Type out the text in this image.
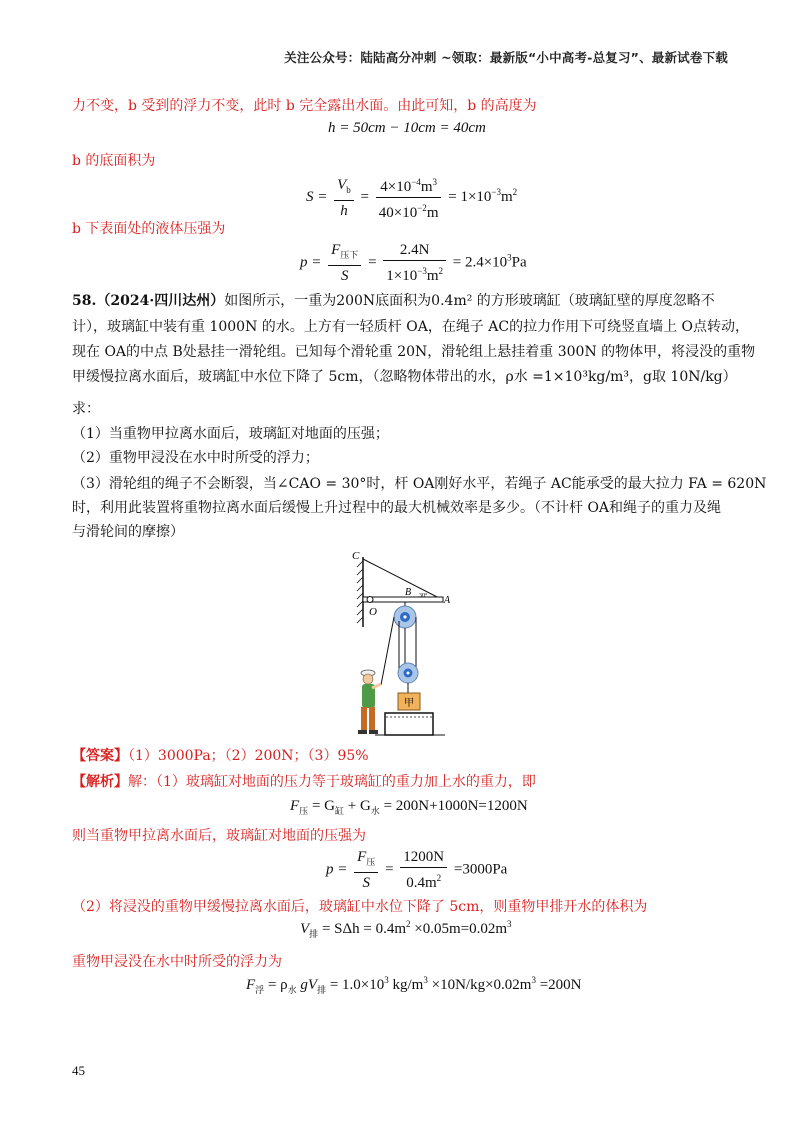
关注公众号：陆陆高分冲刺 ~领取：最新版“小中高考-总复习”、最新试卷下载
力不变，b 受到的浮力不变，此时 b 完全露出水面。由此可知，b 的高度为
h = 50cm − 10cm = 40cm
b 的底面积为
$S = \frac{V_b}{h} = \frac{4\times 10^{-4}m^3}{40\times 10^{-2}m} = 1\times 10^{-3}m^2$
b 下表面处的液体压强为
$p = \frac{F_{压下}}{S} = \frac{2.4N}{1\times 10^{-3}m^2} = 2.4\times 10^3Pa$
58.（2024·四川达州）如图所示，一重为200N底面积为0.4m² 的方形玻璃缸（玻璃缸壁的厚度忽略不
计），玻璃缸中装有重 1000N 的水。上方有一轻质杆 OA，在绳子 AC的拉力作用下可绕竖直墙上 O点转动，
现在 OA的中点 B处悬挂一滑轮组。已知每个滑轮重 20N，滑轮组上悬挂着重 300N 的物体甲，将浸没的重物
甲缓慢拉离水面后，玻璃缸中水位下降了 5cm，（忽略物体带出的水，ρ水 =1×10³kg/m³，g取 10N/kg）
求：
（1）当重物甲拉离水面后，玻璃缸对地面的压强；
（2）重物甲浸没在水中时所受的浮力；
（3）滑轮组的绳子不会断裂，当∠CAO = 30°时，杆 OA刚好水平，若绳子 AC能承受的最大拉力 FA = 620N
时，利用此装置将重物拉离水面后缓慢上升过程中的最大机械效率是多少。（不计杆 OA和绳子的重力及绳
与滑轮间的摩擦）
C
O
B
A
30°
甲
【答案】（1）3000Pa；（2）200N；（3）95%
【解析】解：（1）玻璃缸对地面的压力等于玻璃缸的重力加上水的重力，即
$F_压 = G_缸 + G_水 = 200N+1000N=1200N$
则当重物甲拉离水面后，玻璃缸对地面的压强为
$p = \frac{F_压}{S} = \frac{1200N}{0.4m^2} =3000Pa$
（2）将浸没的重物甲缓慢拉离水面后，玻璃缸中水位下降了 5cm，则重物甲排开水的体积为
$V_排 = S\Delta h = 0.4m^2 \times 0.05m=0.02m^3$
重物甲浸没在水中时所受的浮力为
$F_浮 = \rho_水$ $gV_排 = 1.0\times 10^3$ $kg/m^3 \times 10N/kg\times 0.02m^3 =200N$
45
